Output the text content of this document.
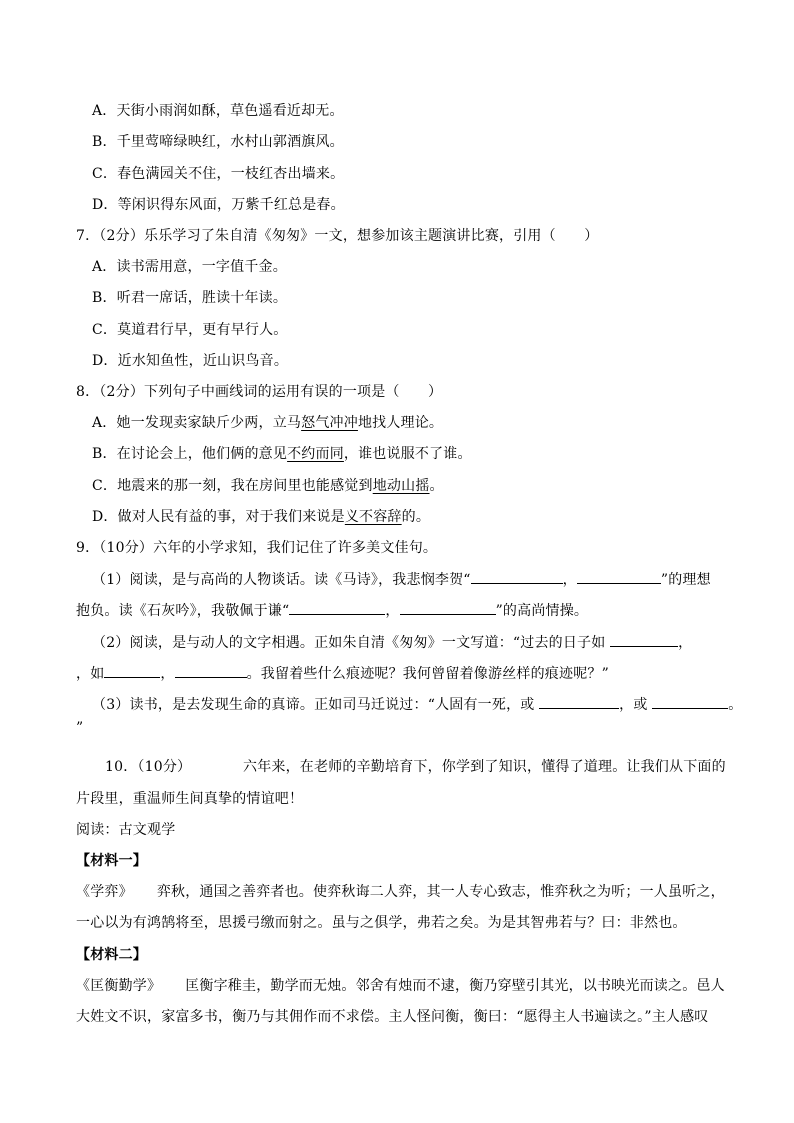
A．天街小雨润如酥，草色遥看近却无。
B．千里莺啼绿映红，水村山郭酒旗风。
C．春色满园关不住，一枝红杏出墙来。
D．等闲识得东风面，万紫千红总是春。
7．（2分）乐乐学习了朱自清《匆匆》一文，想参加该主题演讲比赛，引用（　　）
A．读书需用意，一字值千金。
B．听君一席话，胜读十年读。
C．莫道君行早，更有早行人。
D．近水知鱼性，近山识鸟音。
8．（2分）下列句子中画线词的运用有误的一项是（　　）
A．她一发现卖家缺斤少两，立马怒气冲冲地找人理论。
B．在讨论会上，他们俩的意见不约而同，谁也说服不了谁。
C．地震来的那一刻，我在房间里也能感觉到地动山摇。
D．做对人民有益的事，对于我们来说是义不容辞的。
9．（10分）六年的小学求知，我们记住了许多美文佳句。
（1）阅读，是与高尚的人物谈话。读《马诗》，我悲悯李贺“	，	”的理想
抱负。读《石灰吟》，我敬佩于谦“	，	”的高尚情操。
（2）阅读，是与动人的文字相遇。正如朱自清《匆匆》一文写道：“过去的日子如	，
，如	，	。我留着些什么痕迹呢？我何曾留着像游丝样的痕迹呢？”
（3）读书，是去发现生命的真谛。正如司马迁说过：“人固有一死，或	，或	。
”
10．（10分）	六年来，在老师的辛勤培育下，你学到了知识，懂得了道理。让我们从下面的
片段里，重温师生间真挚的情谊吧！
阅读：古文观学
【材料一】
《学弈》 弈秋，通国之善弈者也。使弈秋诲二人弈，其一人专心致志，惟弈秋之为听；一人虽听之，
一心以为有鸿鹄将至，思援弓缴而射之。虽与之俱学，弗若之矣。为是其智弗若与？曰：非然也。
【材料二】
《匡衡勤学》 匡衡字稚圭，勤学而无烛。邻舍有烛而不逮，衡乃穿壁引其光，以书映光而读之。邑人
大姓文不识，家富多书，衡乃与其佣作而不求偿。主人怪问衡，衡曰：“愿得主人书遍读之。”主人感叹
